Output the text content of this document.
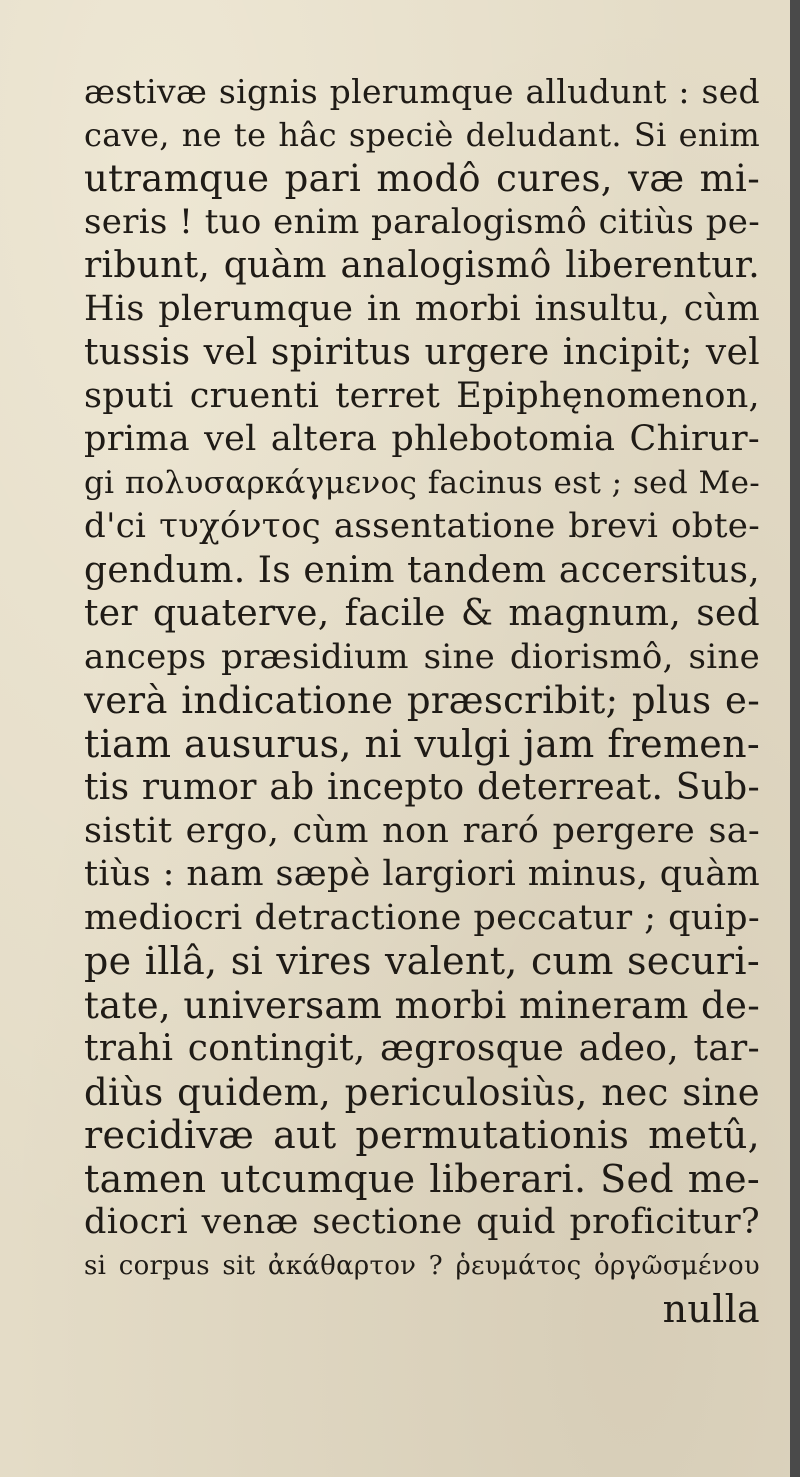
æstivæ signis plerumque alludunt : sed
cave, ne te hâc speciè deludant. Si enim
utramque pari modô cures, væ mi-
seris ! tuo enim paralogismô citiùs pe-
ribunt, quàm analogismô liberentur.
His plerumque in morbi insultu, cùm
tussis vel spiritus urgere incipit; vel
sputi cruenti terret Epiphęnomenon,
prima vel altera phlebotomia Chirur-
gi πολυσαρκάγμενος facinus est ; sed Me-
d'ci τυχόντος assentatione brevi obte-
gendum. Is enim tandem accersitus,
ter quaterve, facile & magnum, sed
anceps præsidium sine diorismô, sine
verà indicatione præscribit; plus e-
tiam ausurus, ni vulgi jam fremen-
tis rumor ab incepto deterreat. Sub-
sistit ergo, cùm non raró pergere sa-
tiùs : nam sæpè largiori minus, quàm
mediocri detractione peccatur ; quip-
pe illâ, si vires valent, cum securi-
tate, universam morbi mineram de-
trahi contingit, ægrosque adeo, tar-
diùs quidem, periculosiùs, nec sine
recidivæ aut permutationis metû,
tamen utcumque liberari. Sed me-
diocri venæ sectione quid proficitur?
si corpus sit ἀκάθαρτον ? ῥευμάτος ὀργῶσμένου
nulla
